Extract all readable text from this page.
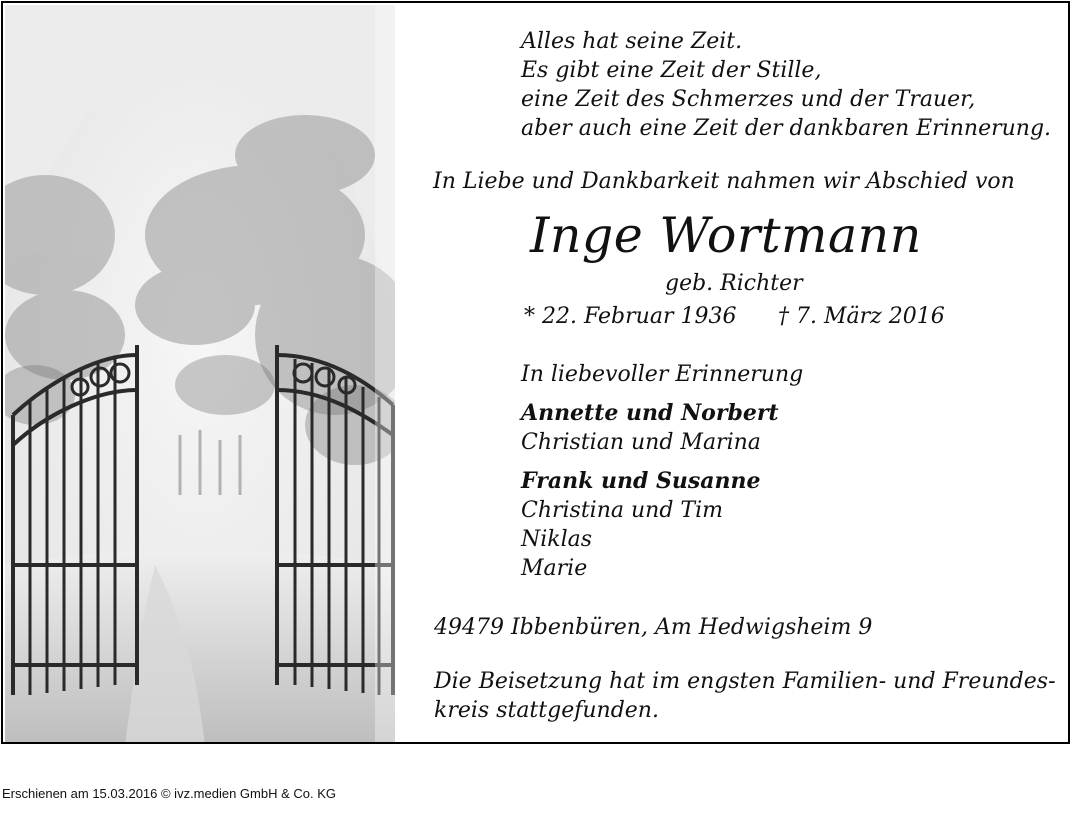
Alles hat seine Zeit.
Es gibt eine Zeit der Stille,
eine Zeit des Schmerzes und der Trauer,
aber auch eine Zeit der dankbaren Erinnerung.
In Liebe und Dankbarkeit nahmen wir Abschied von
Inge Wortmann
geb. Richter
* 22. Februar 1936 † 7. März 2016
In liebevoller Erinnerung
Annette und Norbert
Christian und Marina
Frank und Susanne
Christina und Tim
Niklas
Marie
49479 Ibbenbüren, Am Hedwigsheim 9
Die Beisetzung hat im engsten Familien- und Freundes-
kreis stattgefunden.
Erschienen am 15.03.2016 © ivz.medien GmbH & Co. KG
